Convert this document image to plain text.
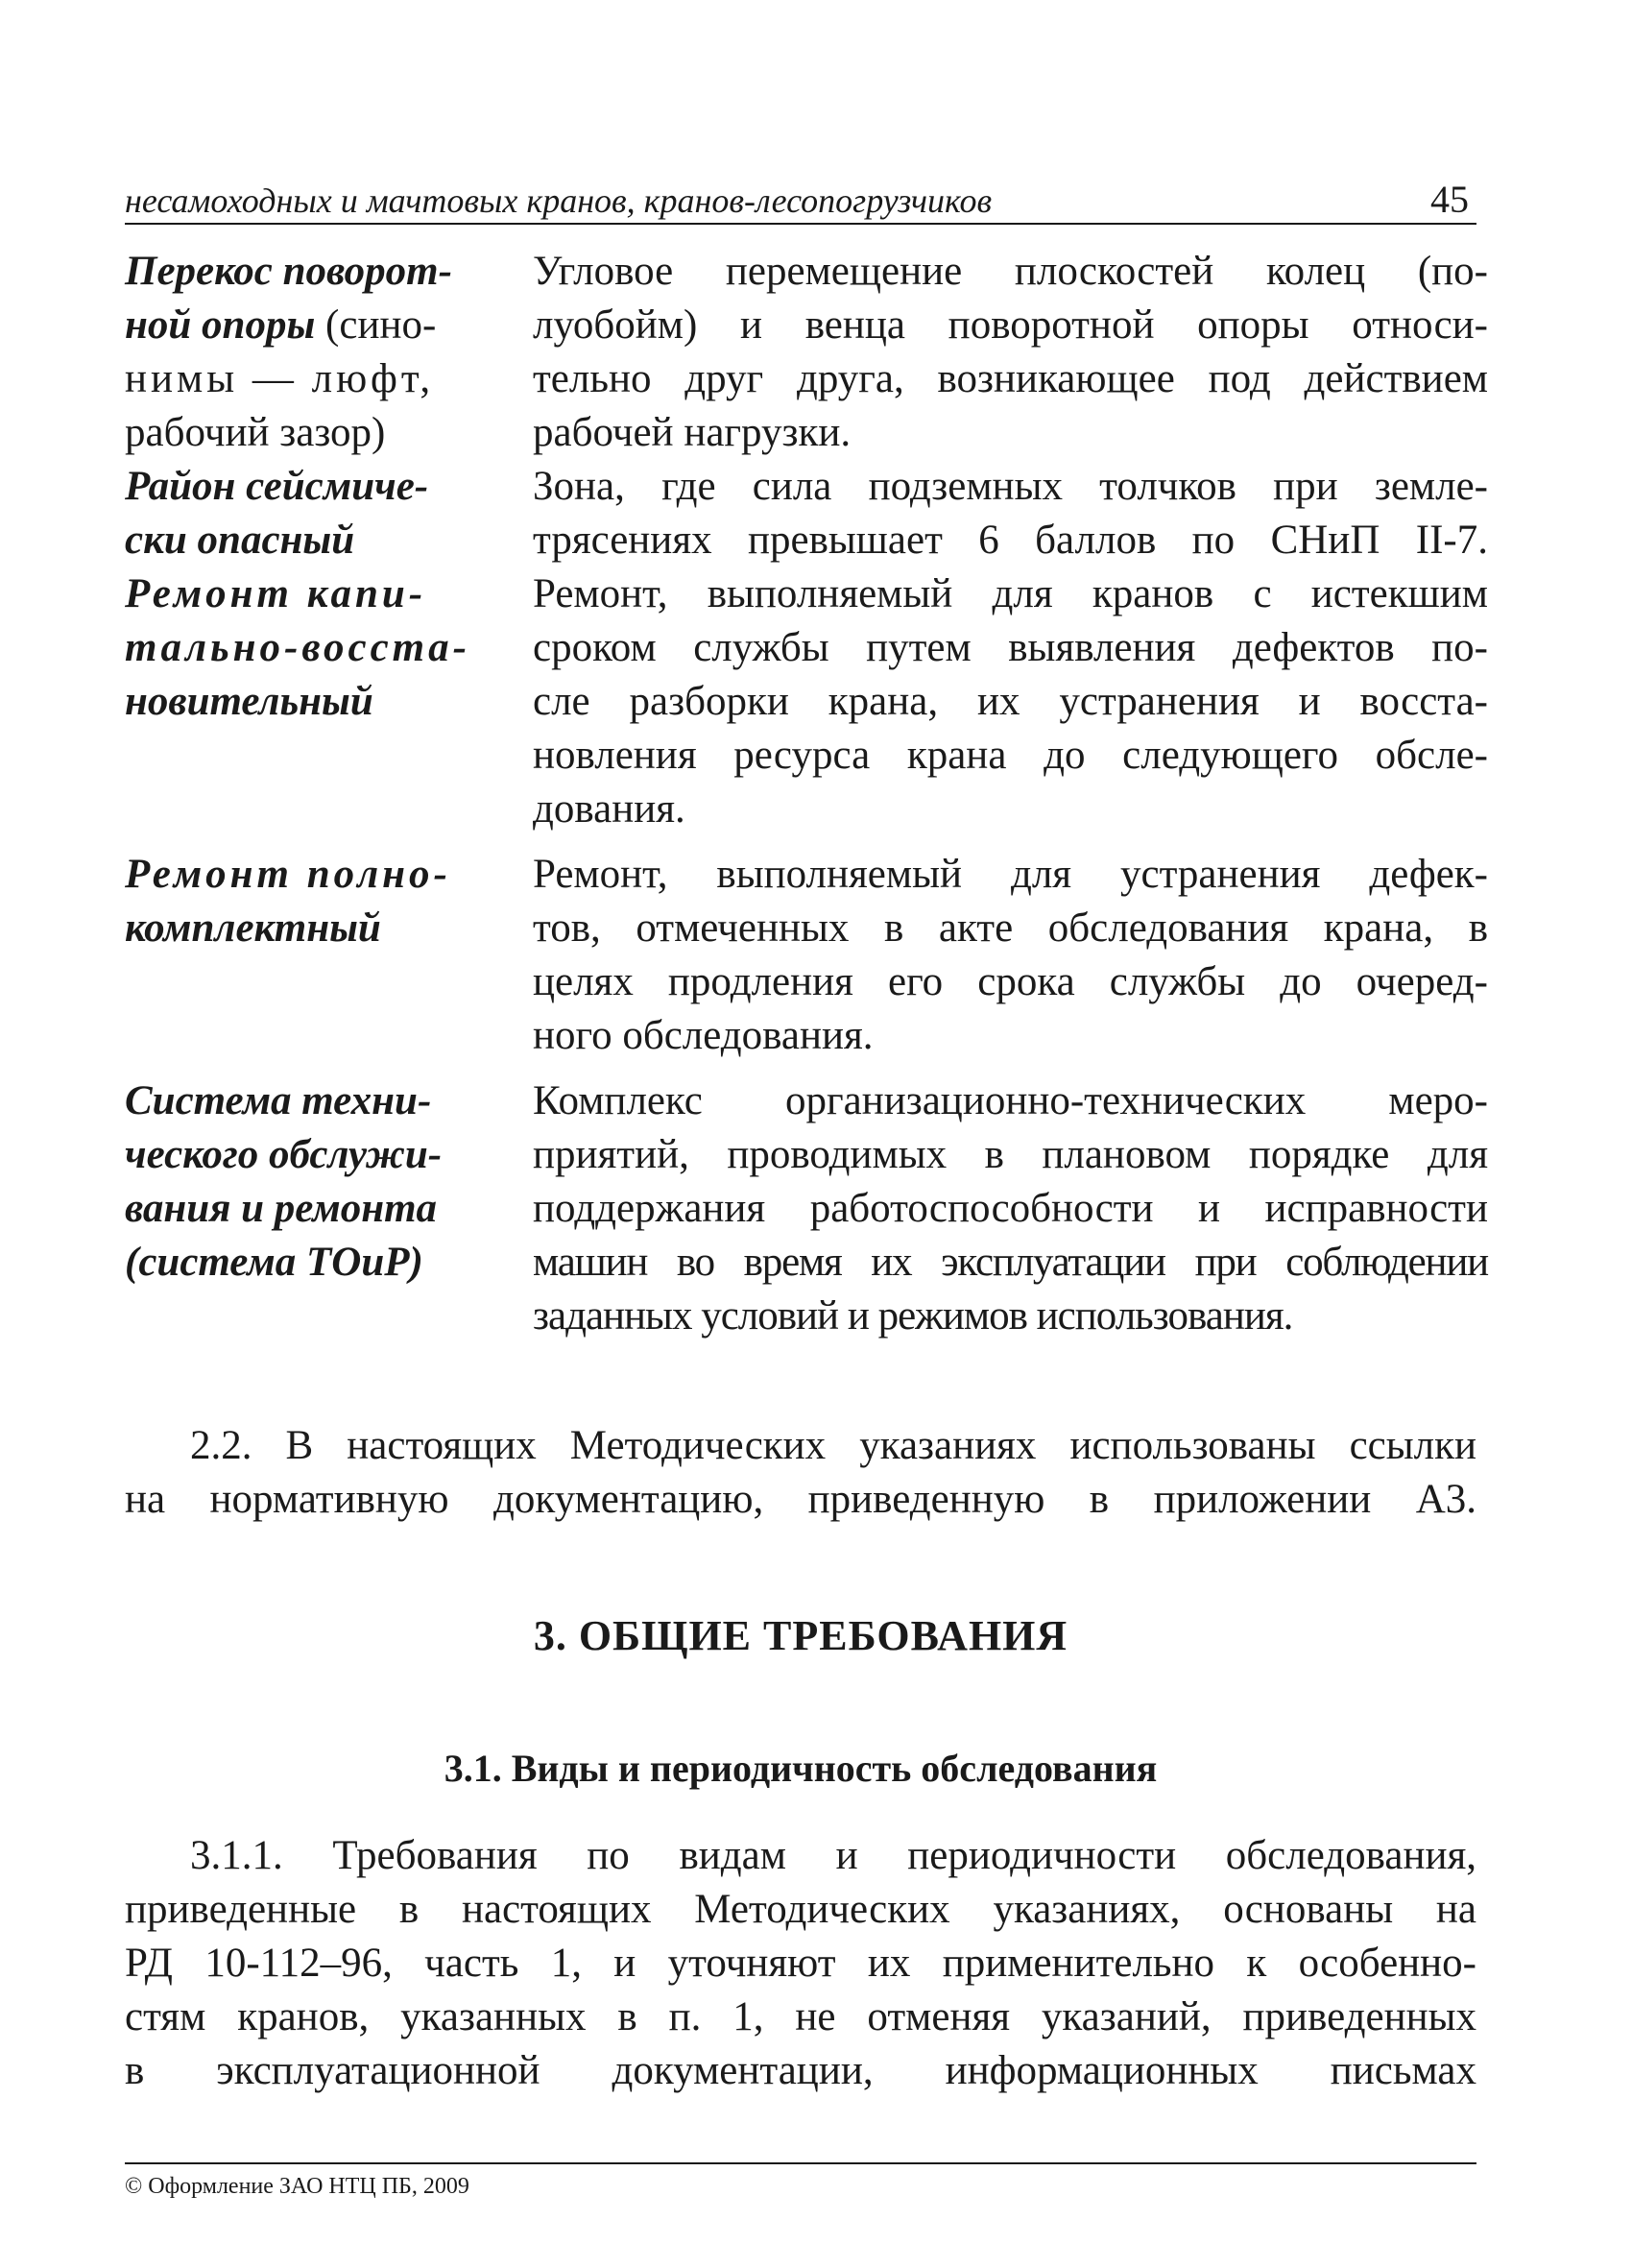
несамоходных и мачтовых кранов, кранов-лесопогрузчиков	45
Перекос поворот-
ной опоры (сино-
нимы — люфт,
рабочий зазор)
Угловое перемещение плоскостей колец (по-
луобойм) и венца поворотной опоры относи-
тельно друг друга, возникающее под действием
рабочей нагрузки.
Район сейсмиче-
ски опасный
Зона, где сила подземных толчков при земле-
трясениях превышает 6 баллов по СНиП II-7.
Ремонт капи-
тально-восста-
новительный
Ремонт, выполняемый для кранов с истекшим
сроком службы путем выявления дефектов по-
сле разборки крана, их устранения и восста-
новления ресурса крана до следующего обсле-
дования.
Ремонт полно-
комплектный
Ремонт, выполняемый для устранения дефек-
тов, отмеченных в акте обследования крана, в
целях продления его срока службы до очеред-
ного обследования.
Система техни-
ческого обслужи-
вания и ремонта
(система ТОиР)
Комплекс организационно-технических меро-
приятий, проводимых в плановом порядке для
поддержания работоспособности и исправности
машин во время их эксплуатации при соблюдении
заданных условий и режимов использования.
2.2. В настоящих Методических указаниях использованы ссылки
на нормативную документацию, приведенную в приложении А3.
3. ОБЩИЕ ТРЕБОВАНИЯ
3.1. Виды и периодичность обследования
3.1.1. Требования по видам и периодичности обследования,
приведенные в настоящих Методических указаниях, основаны на
РД 10-112–96, часть 1, и уточняют их применительно к особенно-
стям кранов, указанных в п. 1, не отменяя указаний, приведенных
в эксплуатационной документации, информационных письмах
© Оформление ЗАО НТЦ ПБ, 2009
